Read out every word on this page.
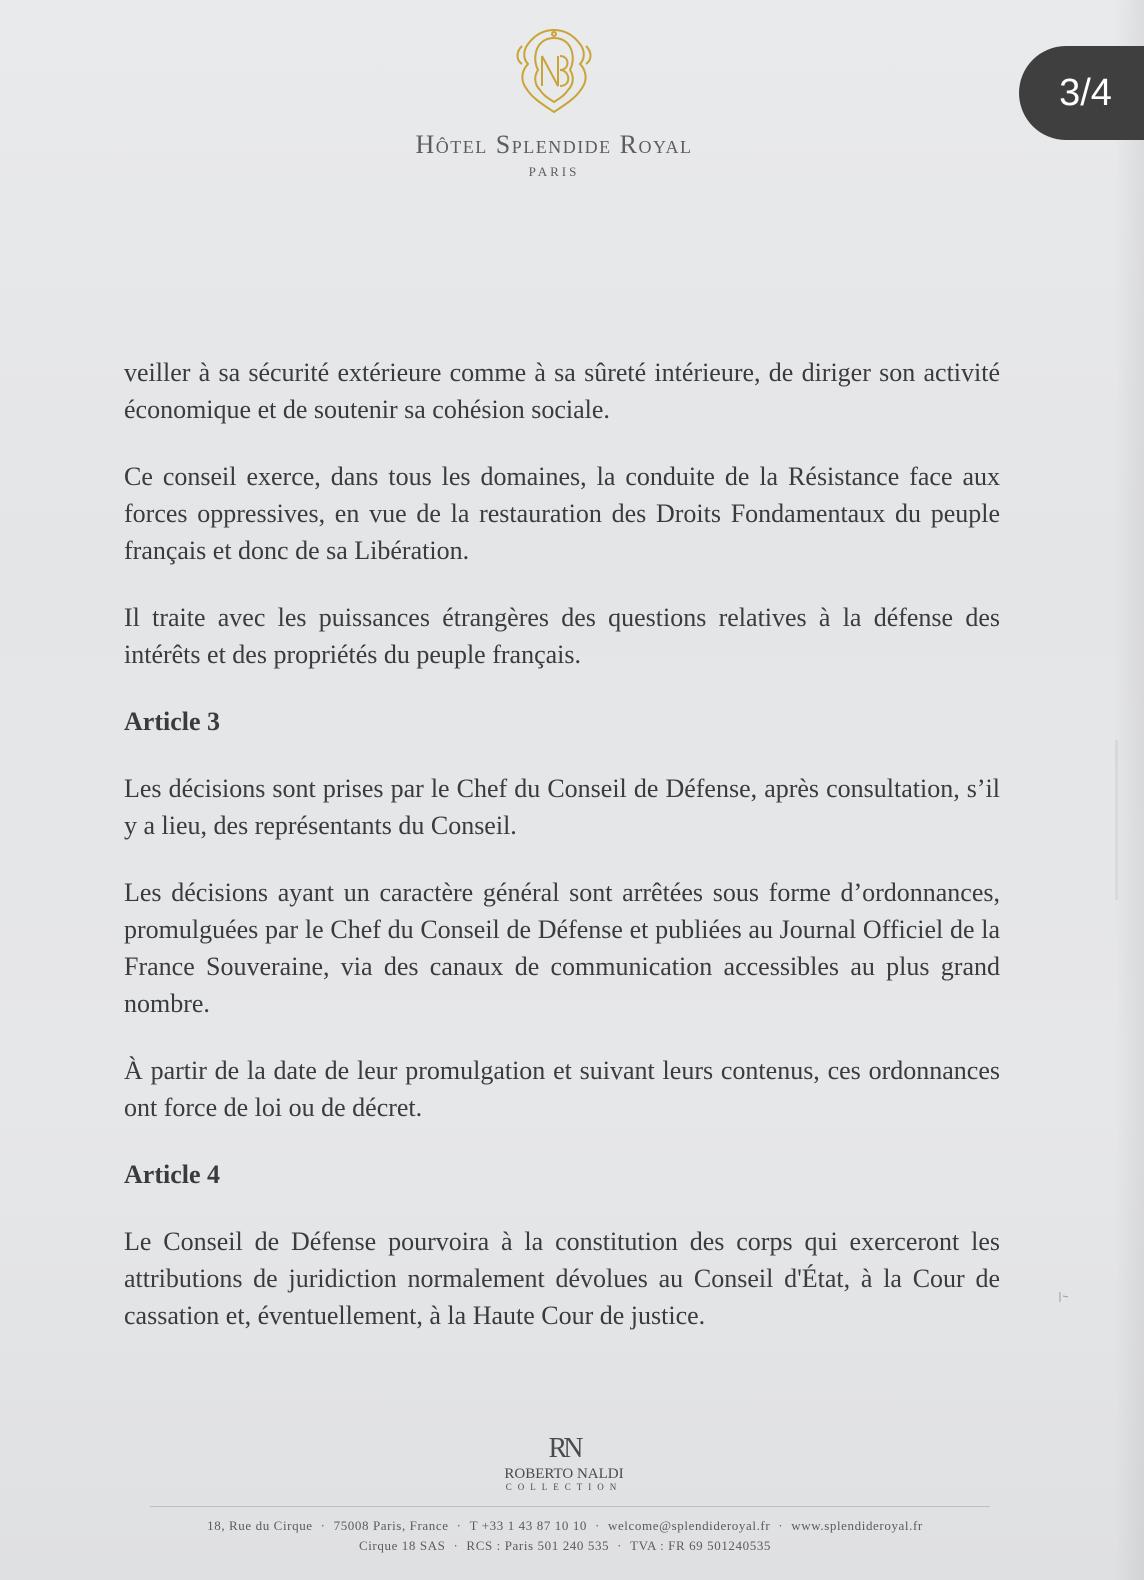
3/4
Hôtel Splendide Royal
PARIS

veiller à sa sécurité extérieure comme à sa sûreté intérieure, de diriger son activité économique et de soutenir sa cohésion sociale.

Ce conseil exerce, dans tous les domaines, la conduite de la Résistance face aux forces oppressives, en vue de la restauration des Droits Fondamentaux du peuple français et donc de sa Libération.

Il traite avec les puissances étrangères des questions relatives à la défense des intérêts et des propriétés du peuple français.

Article 3

Les décisions sont prises par le Chef du Conseil de Défense, après consultation, s’il y a lieu, des représentants du Conseil.

Les décisions ayant un caractère général sont arrêtées sous forme d’ordonnances, promulguées par le Chef du Conseil de Défense et publiées au Journal Officiel de la France Souveraine, via des canaux de communication accessibles au plus grand nombre.

À partir de la date de leur promulgation et suivant leurs contenus, ces ordonnances ont force de loi ou de décret.

Article 4

Le Conseil de Défense pourvoira à la constitution des corps qui exerceront les attributions de juridiction normalement dévolues au Conseil d'État, à la Cour de cassation et, éventuellement, à la Haute Cour de justice.

RN
ROBERTO NALDI
COLLECTION
18, Rue du Cirque · 75008 Paris, France · T +33 1 43 87 10 10 · welcome@splendideroyal.fr · www.splendideroyal.fr
Cirque 18 SAS · RCS : Paris 501 240 535 · TVA : FR 69 501240535
